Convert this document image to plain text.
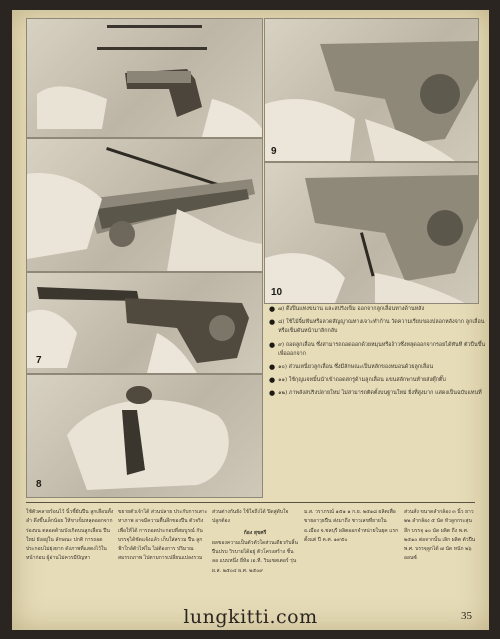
7
8
9
10
● ๗) ดึงปืนแทงขนาน และสปริงเข็ม ออกจากลูกเลื่อนทางด้านหลัง
● ๘) ใช้ไม้จิ้มฟันหรือลวดสัญญาณทางเจาะทำก้าน วัดความเรียบของปลอกหลังจาก ลูกเลื่อนหรือเข็มดันหน้ามาลิกกลับ
● ๙) ถอดลูกเลื่อน ซึ่งสามารถถอดออกด้วยหมุนหรือง้าวซึ่งหลุดออกจากรอยได้ทันที ตัวปืนขึ้นเพื่อออกจาก
● ๑๐) ส่วนเหนี่ยวลูกเลื่อน ซึ่งมีลักษณะเป็นหลักของหมอนด้วยลูกเลื่อน
● ๑๑) ใช้กุญแจหมิ้นนำเข้าถอดสกรูด้ามลูกเลื่อน แขนสลักพานท้ายส่งตุ๊กติ๊บ
● ๑๒) ภาพลังสปริงปลายใหม่ ไม่สามารถติดตั้งบนฐานใหม่ ยิ่งที่สูงมาก แสดงเป็นฉบับแทนที่
ใช้ตัวคลายร้อนไว้ นิ้วชี้ยันปืน ลูกเลื่อนทั้งลำ ดึงขึ้นเล็กน้อย ให้ขาเข็มหลุดออกจากร่องบน ตลอดด้ามบังเกิดบนลูกเลื่อน ปืน ใหม่ ยังอยู่ใน ลักษณะ ปกติ การถอดประกอบไม่ยุ่งยาก ดังภาพที่แสดงไว้ในหน้าก่อน ผู้อ่านไม่ควรมีปัญหา
ขยายตัวเจ้าได้ ส่วนปลาย ประกับการเสาะหาภาพ อาจมีความตื้นลึกของปืน ตัวจริงเพื่อให้ได้ การถอดประกอบที่สมบูรณ์ กัน บรรจุได้ชัดแจ้งแล้ว เก็บใส่สรวม ปืน ลูกฟ้าใกล้ตัวไฟใน ไม่ต้องการ ปริมาณสมรรถภาพ ไปตามการเปลี่ยนแปลงรวม
ส่วนต่างกันยัง ใช้ใจถึงได้ ปิดสู่ดับใจ ปลูกต้อง
ก้อง สุขศรี
ผลของความเป็นตัวตัวใดส่วนเดียวกับลิ้นปืนปรบ วิรบายได้อยู่ ตัวโครงสร้าง ชิ้นลอ แบบหนึ่ง ยี่ห้อ เอ.ที. วินเชสเตอร์ รุ่น ผ.ส. ๒๕๐๔ ผ.ศ. ๒๕๐๙
ม.ส. วราภรณ์ ๑๕๑ ๑ ก.ย. ๒๕๑๘ ผลิตเพื่อขายอาวุธปืน ส่งมาถึง ชาวเลขที่ยายใน อ.เมือง จ.ชลบุรี ผลิตออกจำหน่ายในยุค แรกตั้งแต่ ปี ค.ศ. ๑๙๕๐
ส่วนสั่ง ขนาดลำกล้อง ๓ นิ้ว ยาว ๒๒ ลำกล้อง ๕ นัด หัวลูกกระสุนลึก บรรจุ ๑๐ นัด ผลิต ถึง พ.ศ. ๒๕๑๐ ต่อจากนั้น เลิก ผลิต ตัวปืน พ.ศ. บรรจุลูกได้ ๗ นัด หนัก ๒๖ ออนซ์
lungkitti.com	35
